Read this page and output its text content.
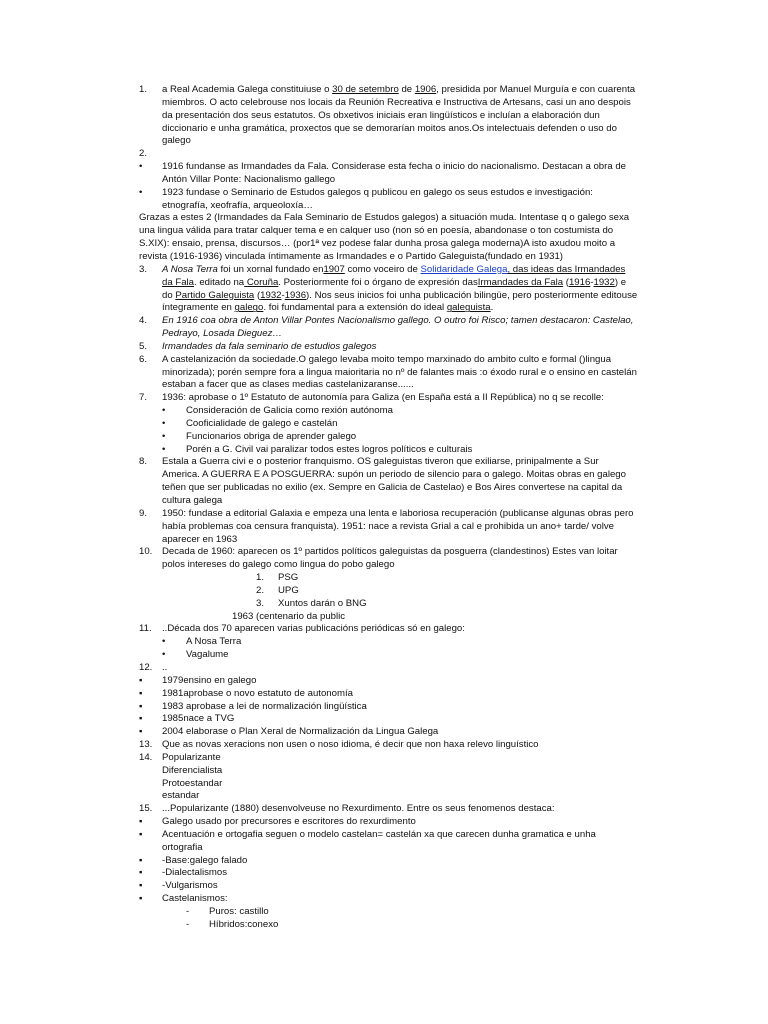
1. a Real Academia Galega constituiuse o 30 de setembro de 1906, presidida por Manuel Murguía e con cuarenta
miembros. O acto celebrouse nos locais da Reunión Recreativa e Instructiva de Artesans, casi un ano despois
da presentación dos seus estatutos. Os obxetivos iniciais eran lingüísticos e incluían a elaboración dun
diccionario e unha gramática, proxectos que se demorarían moitos anos.Os intelectuais defenden o uso do
galego
2.
• 1916 fundanse as Irmandades da Fala. Considerase esta fecha o inicio do nacionalismo. Destacan a obra de
Antón Villar Ponte: Nacionalismo gallego
• 1923 fundase o Seminario de Estudos galegos q publicou en galego os seus estudos e investigación:
etnografía, xeofrafía, arqueoloxía…
Grazas a estes 2 (Irmandades da Fala Seminario de Estudos galegos) a situación muda. Intentase q o galego sexa
una lingua válida para tratar calquer tema e en calquer uso (non só en poesía, abandonase o ton costumista do
S.XIX): ensaio, prensa, discursos… (por1ª vez podese falar dunha prosa galega moderna)A isto axudou moito a
revista (1916-1936) vinculada íntimamente as Irmandades e o Partido Galeguista(fundado en 1931)
3. A Nosa Terra foi un xornal fundado en1907 como voceiro de Solidaridade Galega, das ideas das Irmandades
da Fala. editado na Coruña. Posteriormente foi o órgano de expresión dasIrmandades da Fala (1916-1932) e
do Partido Galeguista (1932-1936). Nos seus inicios foi unha publicación bilingüe, pero posteriormente editouse
íntegramente en galego. foi fundamental para a extensión do ideal galeguista.
4. En 1916 coa obra de Anton Villar Pontes Nacionalismo gallego. O outro foi Risco; tamen destacaron: Castelao,
Pedrayo, Losada Dieguez…
5. Irmandades da fala seminario de estudios galegos
6. A castelanización da sociedade.O galego levaba moito tempo marxinado do ambito culto e formal ()lingua
minorizada); porén sempre fora a lingua maioritaria no nº de falantes mais :o éxodo rural e o ensino en castelán
estaban a facer que as clases medias castelanizaranse......
7. 1936: aprobase o 1º Estatuto de autonomía para Galiza (en España está a II República) no q se recolle:
• Consideración de Galicia como rexión autónoma
• Cooficialidade de galego e castelán
• Funcionarios obriga de aprender galego
• Porén a G. Civil vai paralizar todos estes logros políticos e culturais
8. Estala a Guerra civi e o posterior franquismo. OS galeguistas tiveron que exiliarse, prinipalmente a Sur
America. A GUERRA E A POSGUERRA: supón un periodo de silencio para o galego. Moitas obras en galego
teñen que ser publicadas no exilio (ex. Sempre en Galicia de Castelao) e Bos Aires convertese na capital da
cultura galega
9. 1950: fundase a editorial Galaxia e empeza una lenta e laboriosa recuperación (publicanse algunas obras pero
había problemas coa censura franquista). 1951: nace a revista Grial a cal e prohibida un ano+ tarde/ volve
aparecer en 1963
10. Decada de 1960: aparecen os 1º partidos políticos galeguistas da posguerra (clandestinos) Estes van loitar
polos intereses do galego como lingua do pobo galego
1. PSG
2. UPG
3. Xuntos darán o BNG
1963 (centenario da public
11. ..Década dos 70 aparecen varias publicacións periódicas só en galego:
• A Nosa Terra
• Vagalume
12. ..
▪ 1979ensino en galego
▪ 1981aprobase o novo estatuto de autonomía
▪ 1983 aprobase a lei de normalización lingüística
▪ 1985nace a TVG
▪ 2004 elaborase o Plan Xeral de Normalización da Lingua Galega
13. Que as novas xeracions non usen o noso idioma, é decir que non haxa relevo linguístico
14. Popularizante
Diferencialista
Protoestandar
estandar
15. ...Popularizante (1880) desenvolveuse no Rexurdimento. Entre os seus fenomenos destaca:
▪ Galego usado por precursores e escritores do rexurdimento
▪ Acentuación e ortogafia seguen o modelo castelan= castelán xa que carecen dunha gramatica e unha
ortografia
▪ -Base:galego falado
▪ -Dialectalismos
▪ -Vulgarismos
▪ Castelanismos:
- Puros: castillo
- Híbridos:conexo
